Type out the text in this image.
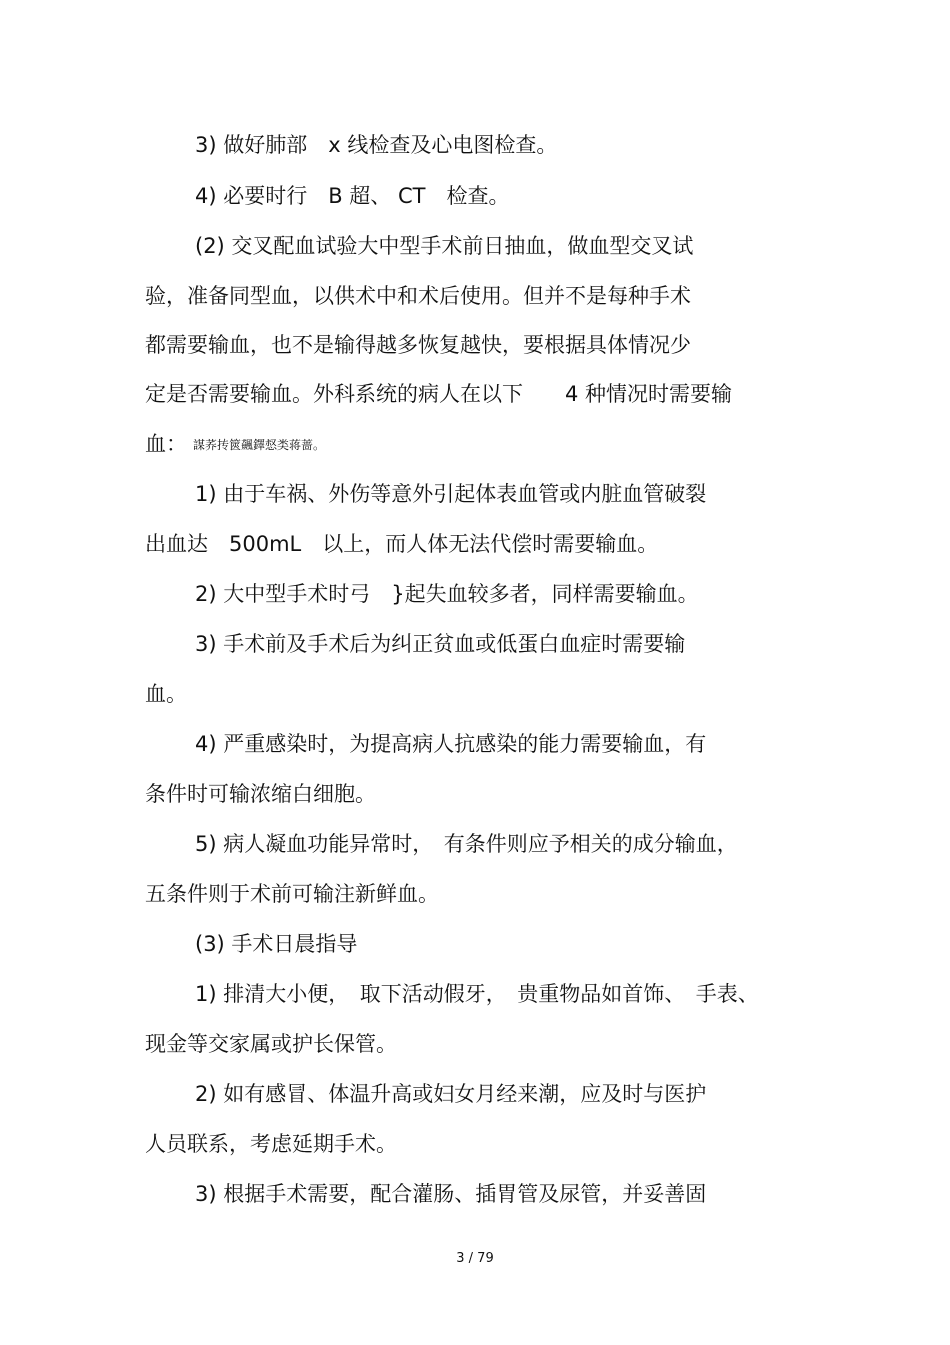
3) 做好肺部　x 线检查及心电图检查。
4) 必要时行　B 超、 CT　检查。
(2) 交叉配血试验大中型手术前日抽血，做血型交叉试
验，准备同型血，以供术中和术后使用。但并不是每种手术
都需要输血，也不是输得越多恢复越快，要根据具体情况少
定是否需要输血。外科系统的病人在以下　　4 种情况时需要输
血： 謀荞抟篋飆鐸惄类蒋蔷。
1) 由于车祸、外伤等意外引起体表血管或内脏血管破裂
出血达　500mL　以上，而人体无法代偿时需要输血。
2) 大中型手术时弓　}起失血较多者，同样需要输血。
3) 手术前及手术后为纠正贫血或低蛋白血症时需要输
血。
4) 严重感染时，为提高病人抗感染的能力需要输血，有
条件时可输浓缩白细胞。
5) 病人凝血功能异常时，　有条件则应予相关的成分输血，
五条件则于术前可输注新鲜血。
(3) 手术日晨指导
1) 排清大小便，　取下活动假牙，　贵重物品如首饰、　手表、
现金等交家属或护长保管。
2) 如有感冒、体温升高或妇女月经来潮，应及时与医护
人员联系，考虑延期手术。
3) 根据手术需要，配合灌肠、插胃管及尿管，并妥善固
3 / 79
